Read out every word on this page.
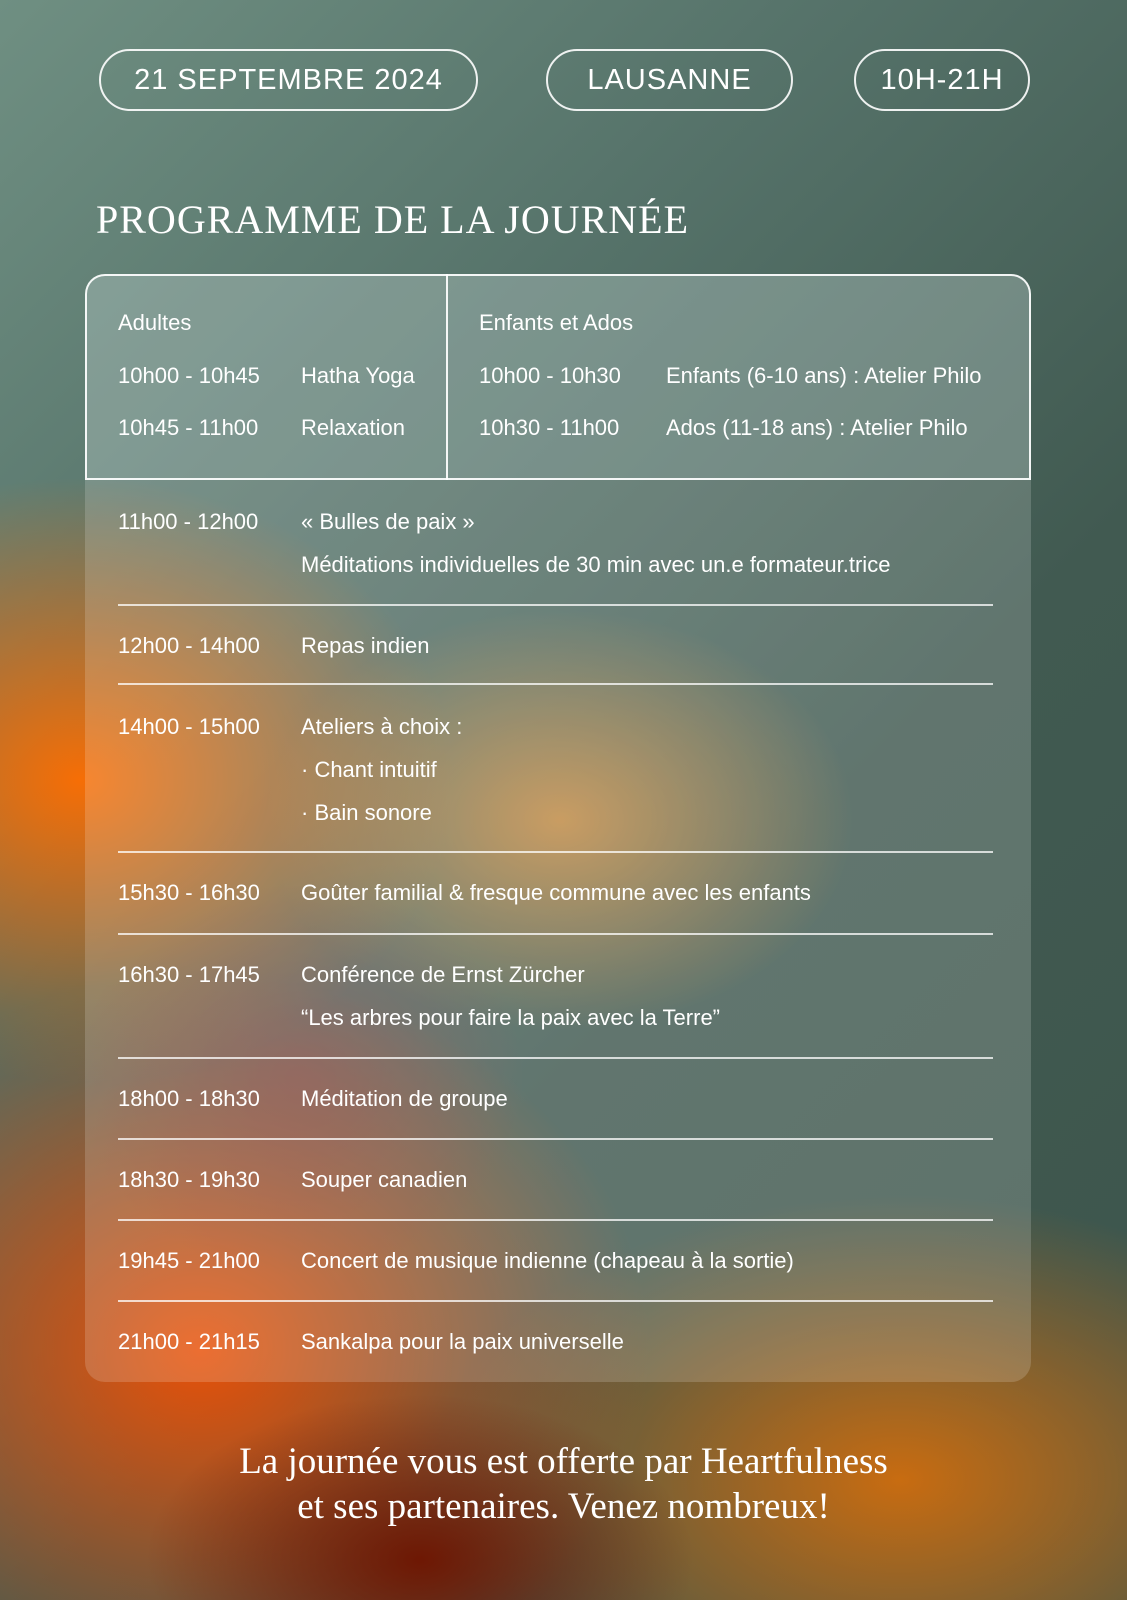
21 SEPTEMBRE 2024	LAUSANNE	10H-21H
PROGRAMME DE LA JOURNÉE
Adultes
10h00 - 10h45 Hatha Yoga
10h45 - 11h00 Relaxation
Enfants et Ados
10h00 - 10h30 Enfants (6-10 ans) : Atelier Philo
10h30 - 11h00 Ados (11-18 ans) : Atelier Philo
11h00 - 12h00 « Bulles de paix »
Méditations individuelles de 30 min avec un.e formateur.trice
12h00 - 14h00 Repas indien
14h00 - 15h00 Ateliers à choix :
· Chant intuitif
· Bain sonore
15h30 - 16h30 Goûter familial & fresque commune avec les enfants
16h30 - 17h45 Conférence de Ernst Zürcher
“Les arbres pour faire la paix avec la Terre”
18h00 - 18h30 Méditation de groupe
18h30 - 19h30 Souper canadien
19h45 - 21h00 Concert de musique indienne (chapeau à la sortie)
21h00 - 21h15 Sankalpa pour la paix universelle

La journée vous est offerte par Heartfulness

et ses partenaires. Venez nombreux!
